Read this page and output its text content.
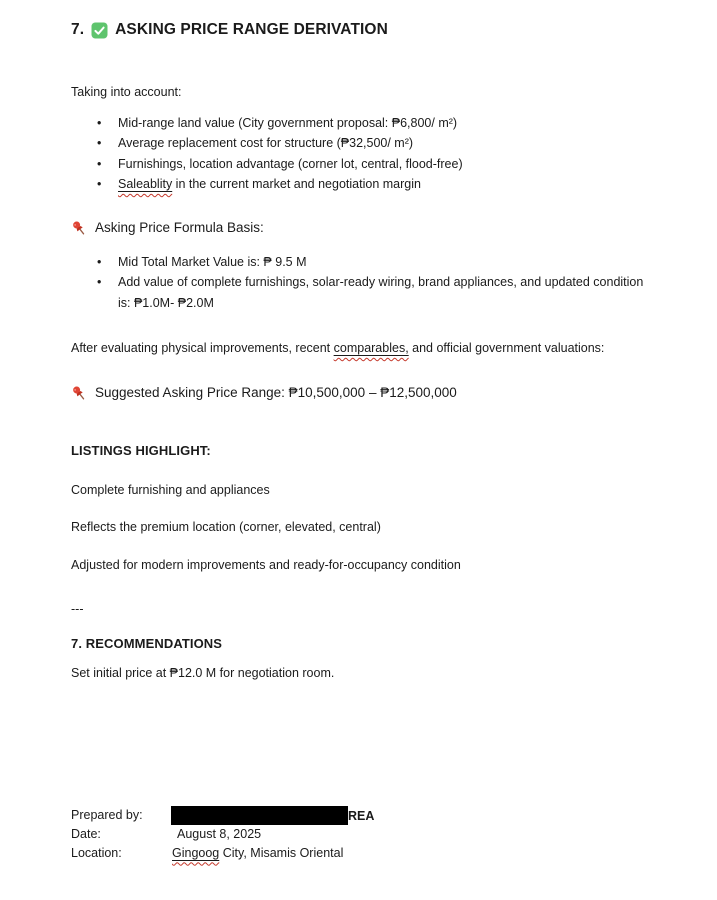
7. ASKING PRICE RANGE DERIVATION
Taking into account:
• Mid-range land value (City government proposal: ₱6,800/ m²)
• Average replacement cost for structure (₱32,500/ m²)
• Furnishings, location advantage (corner lot, central, flood-free)
• Saleablity in the current market and negotiation margin
Asking Price Formula Basis:
• Mid Total Market Value is: ₱ 9.5 M
• Add value of complete furnishings, solar-ready wiring, brand appliances, and updated condition is: ₱1.0M- ₱2.0M
After evaluating physical improvements, recent comparables, and official government valuations:
Suggested Asking Price Range: ₱10,500,000 – ₱12,500,000
LISTINGS HIGHLIGHT:
Complete furnishing and appliances
Reflects the premium location (corner, elevated, central)
Adjusted for modern improvements and ready-for-occupancy condition
---
7. RECOMMENDATIONS
Set initial price at ₱12.0 M for negotiation room.
Prepared by:	REA
Date:	August 8, 2025
Location:	Gingoog City, Misamis Oriental
